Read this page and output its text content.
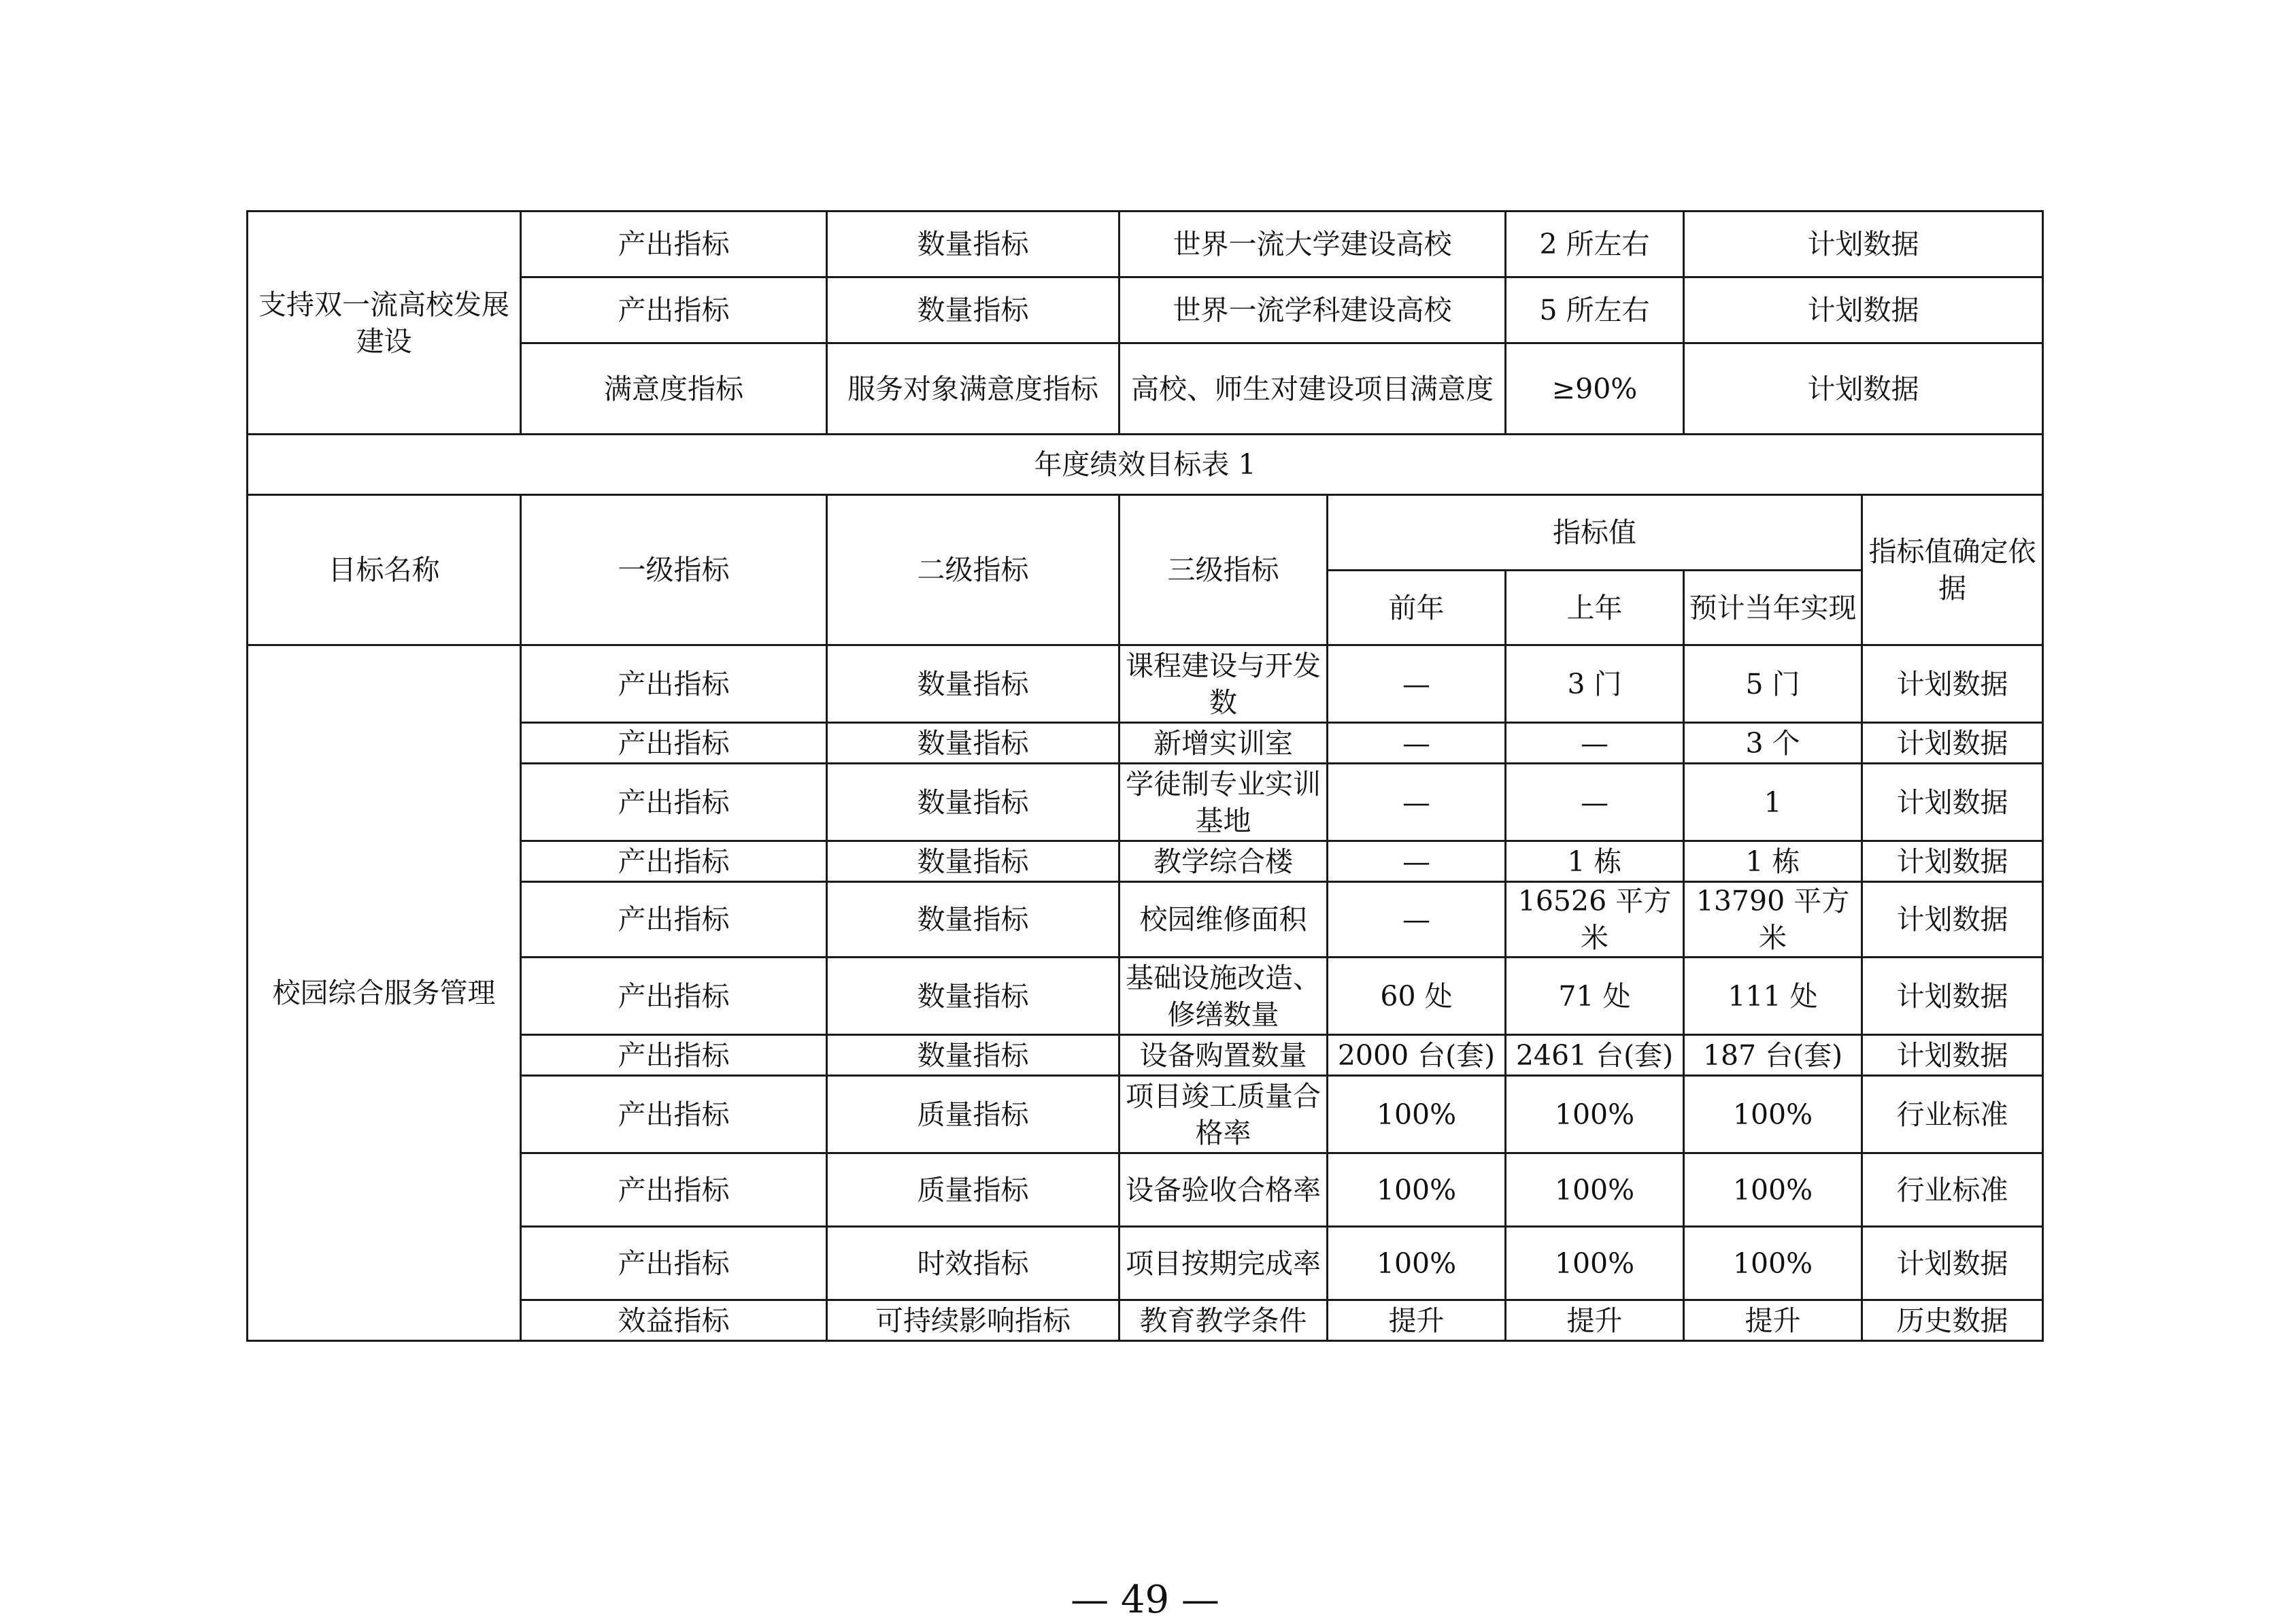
支持双一流高校发展建设	产出指标	数量指标	世界一流大学建设高校		2 所左右	计划数据	
	产出指标	数量指标	世界一流学科建设高校		5 所左右	计划数据	
	满意度指标	服务对象满意度指标	高校、师生对建设项目满意度		≥90%	计划数据	
年度绩效目标表 1							
目标名称	一级指标	二级指标	三级指标	指标值			指标值确定依据
				前年	上年	预计当年实现	
校园综合服务管理	产出指标	数量指标	课程建设与开发数	—	3 门	5 门	计划数据
	产出指标	数量指标	新增实训室	—	—	3 个	计划数据
	产出指标	数量指标	学徒制专业实训基地	—	—	1	计划数据
	产出指标	数量指标	教学综合楼	—	1 栋	1 栋	计划数据
	产出指标	数量指标	校园维修面积	—	16526 平方米	13790 平方米	计划数据
	产出指标	数量指标	基础设施改造、修缮数量	60 处	71 处	111 处	计划数据
	产出指标	数量指标	设备购置数量	2000 台(套)	2461 台(套)	187 台(套)	计划数据
	产出指标	质量指标	项目竣工质量合格率	100%	100%	100%	行业标准
	产出指标	质量指标	设备验收合格率	100%	100%	100%	行业标准
	产出指标	时效指标	项目按期完成率	100%	100%	100%	计划数据
	效益指标	可持续影响指标	教育教学条件	提升	提升	提升	历史数据
— 49 —
